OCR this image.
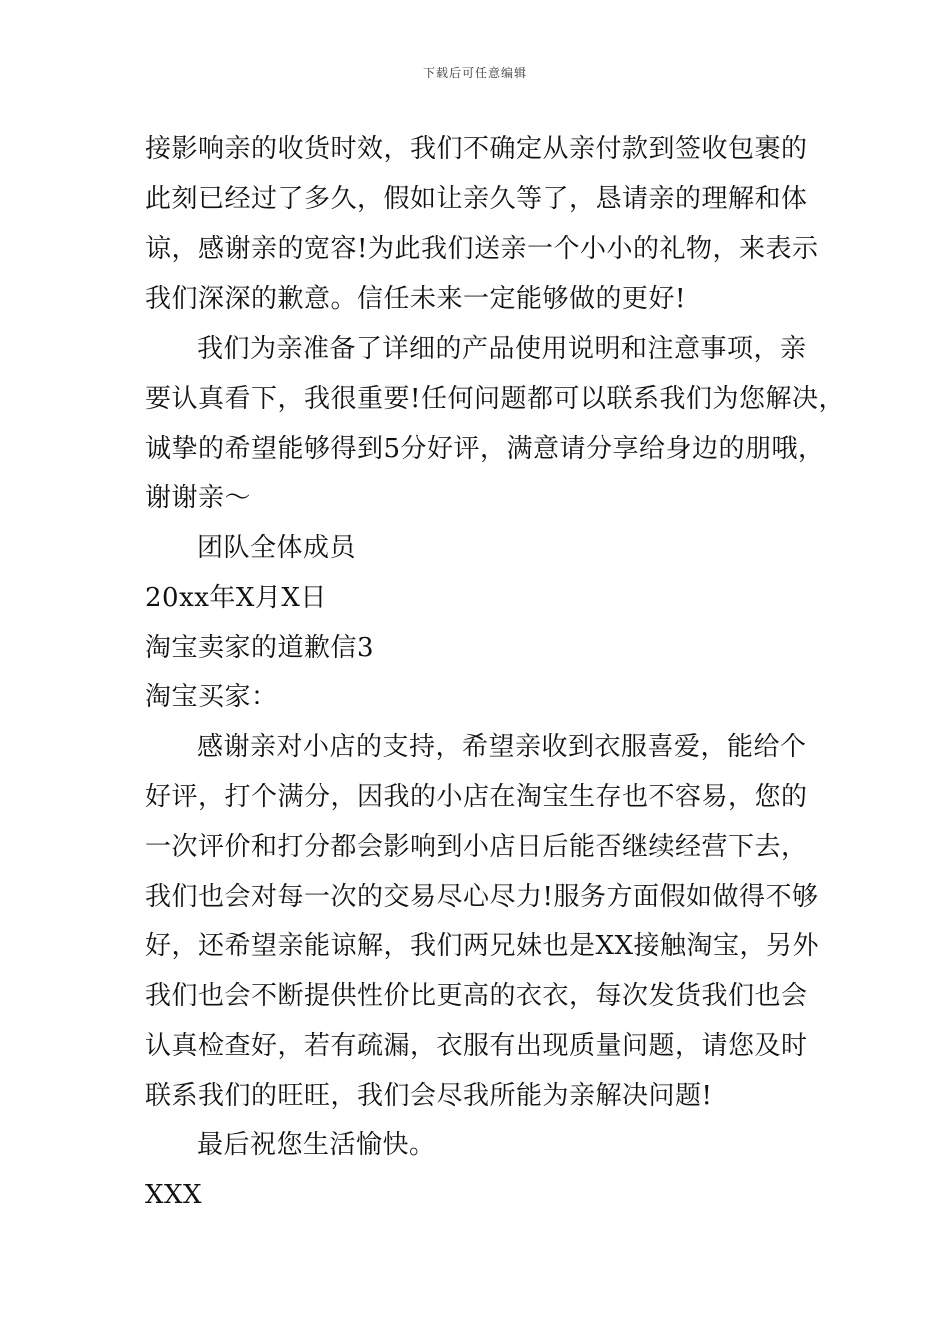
下载后可任意编辑
接影响亲的收货时效，我们不确定从亲付款到签收包裹的
此刻已经过了多久，假如让亲久等了，恳请亲的理解和体
谅，感谢亲的宽容!为此我们送亲一个小小的礼物，来表示
我们深深的歉意。信任未来一定能够做的更好!
我们为亲准备了详细的产品使用说明和注意事项，亲
要认真看下，我很重要!任何问题都可以联系我们为您解决，
诚挚的希望能够得到5分好评，满意请分享给身边的朋哦，
谢谢亲～
团队全体成员
20xx年X月X日
淘宝卖家的道歉信3
淘宝买家：
感谢亲对小店的支持，希望亲收到衣服喜爱，能给个
好评，打个满分，因我的小店在淘宝生存也不容易，您的
一次评价和打分都会影响到小店日后能否继续经营下去，
我们也会对每一次的交易尽心尽力!服务方面假如做得不够
好，还希望亲能谅解，我们两兄妹也是XX接触淘宝，另外
我们也会不断提供性价比更高的衣衣，每次发货我们也会
认真检查好，若有疏漏，衣服有出现质量问题，请您及时
联系我们的旺旺，我们会尽我所能为亲解决问题!
最后祝您生活愉快。
XXX
